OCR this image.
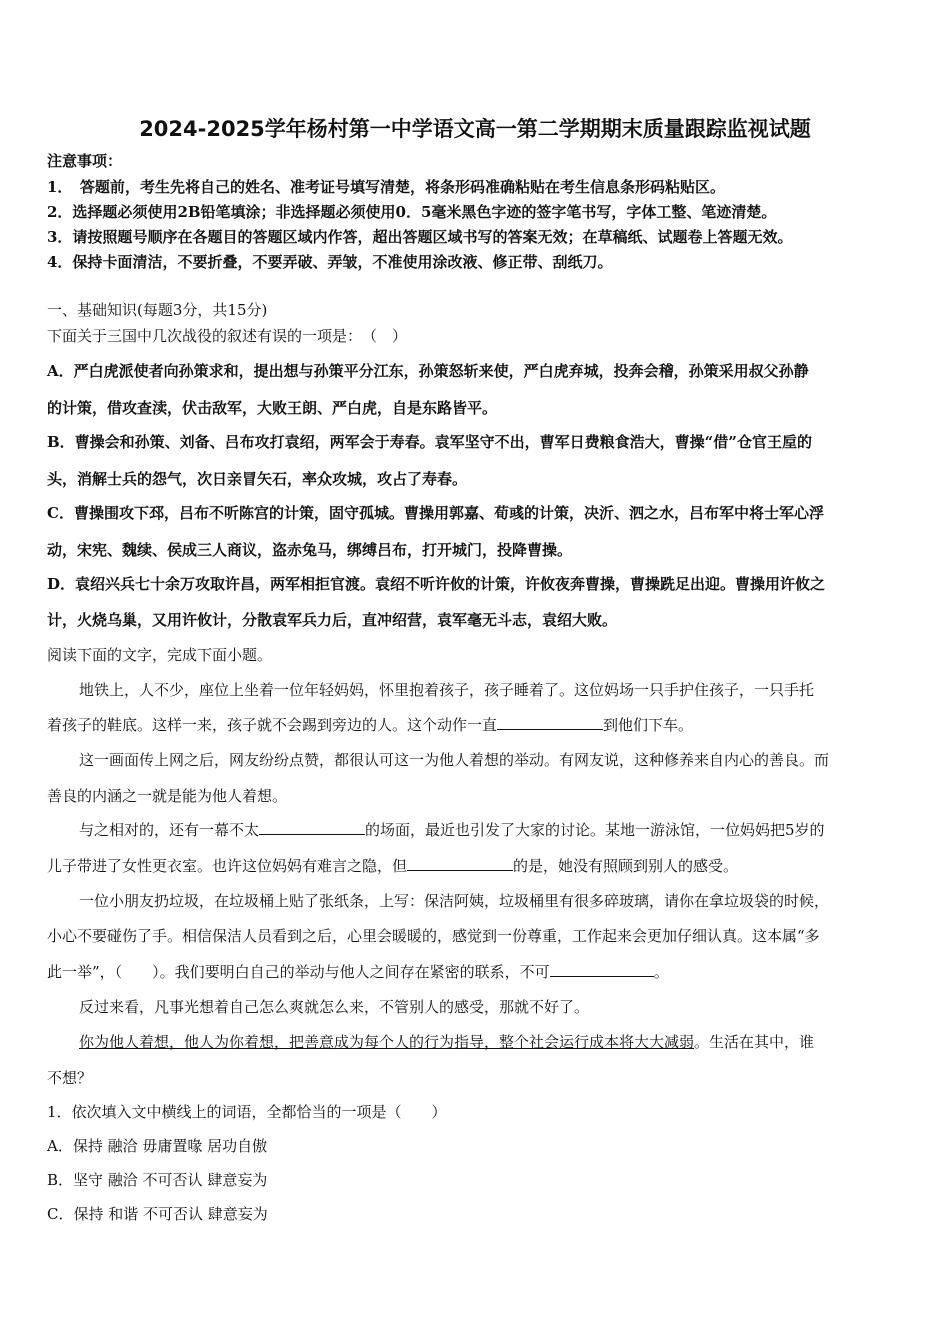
2024-2025学年杨村第一中学语文高一第二学期期末质量跟踪监视试题
注意事项：
1．　答题前，考生先将自己的姓名、准考证号填写清楚，将条形码准确粘贴在考生信息条形码粘贴区。
2．选择题必须使用2B铅笔填涂；非选择题必须使用0．5毫米黑色字迹的签字笔书写，字体工整、笔迹清楚。
3．请按照题号顺序在各题目的答题区域内作答，超出答题区域书写的答案无效；在草稿纸、试题卷上答题无效。
4．保持卡面清洁，不要折叠，不要弄破、弄皱，不准使用涂改液、修正带、刮纸刀。
一、基础知识(每题3分，共15分)
下面关于三国中几次战役的叙述有误的一项是：　（　）
A．严白虎派使者向孙策求和，提出想与孙策平分江东，孙策怒斩来使，严白虎弃城，投奔会稽，孙策采用叔父孙静
的计策，借攻查渎，伏击敌军，大败王朗、严白虎，自是东路皆平。
B．曹操会和孙策、刘备、吕布攻打袁绍，两军会于寿春。袁军坚守不出，曹军日费粮食浩大，曹操“借”仓官王垕的
头，消解士兵的怨气，次日亲冒矢石，率众攻城，攻占了寿春。
C．曹操围攻下邳，吕布不听陈宫的计策，固守孤城。曹操用郭嘉、荀彧的计策，决沂、泗之水，吕布军中将士军心浮
动，宋宪、魏续、侯成三人商议，盗赤兔马，绑缚吕布，打开城门，投降曹操。
D．袁绍兴兵七十余万攻取许昌，两军相拒官渡。袁绍不听许攸的计策，许攸夜奔曹操，曹操跣足出迎。曹操用许攸之
计，火烧乌巢，又用许攸计，分散袁军兵力后，直冲绍营，袁军毫无斗志，袁绍大败。
阅读下面的文字，完成下面小题。
地铁上，人不少，座位上坐着一位年轻妈妈，怀里抱着孩子，孩子睡着了。这位妈场一只手护住孩子，一只手托
着孩子的鞋底。这样一来，孩子就不会踢到旁边的人。这个动作一直	到他们下车。
这一画面传上网之后，网友纷纷点赞，都很认可这一为他人着想的举动。有网友说，这种修养来自内心的善良。而
善良的内涵之一就是能为他人着想。
与之相对的，还有一幕不太	的场面，最近也引发了大家的讨论。某地一游泳馆，一位妈妈把5岁的
儿子带进了女性更衣室。也许这位妈妈有难言之隐，但	的是，她没有照顾到别人的感受。
一位小朋友扔垃圾，在垃圾桶上贴了张纸条，上写：保洁阿姨，垃圾桶里有很多碎玻璃，请你在拿垃圾袋的时候，
小心不要碰伤了手。相信保洁人员看到之后，心里会暖暖的，感觉到一份尊重，工作起来会更加仔细认真。这本属“多
此一举”，（　　）。我们要明白自己的举动与他人之间存在紧密的联系，不可	。
反过来看，凡事光想着自己怎么爽就怎么来，不管别人的感受，那就不好了。
你为他人着想，他人为你着想，把善意成为每个人的行为指导，整个社会运行成本将大大减弱。生活在其中，谁
不想？
1．依次填入文中横线上的词语，全都恰当的一项是（　　）
A．保持 融洽 毋庸置喙 居功自傲
B．坚守 融洽 不可否认 肆意妄为
C．保持 和谐 不可否认 肆意妄为
